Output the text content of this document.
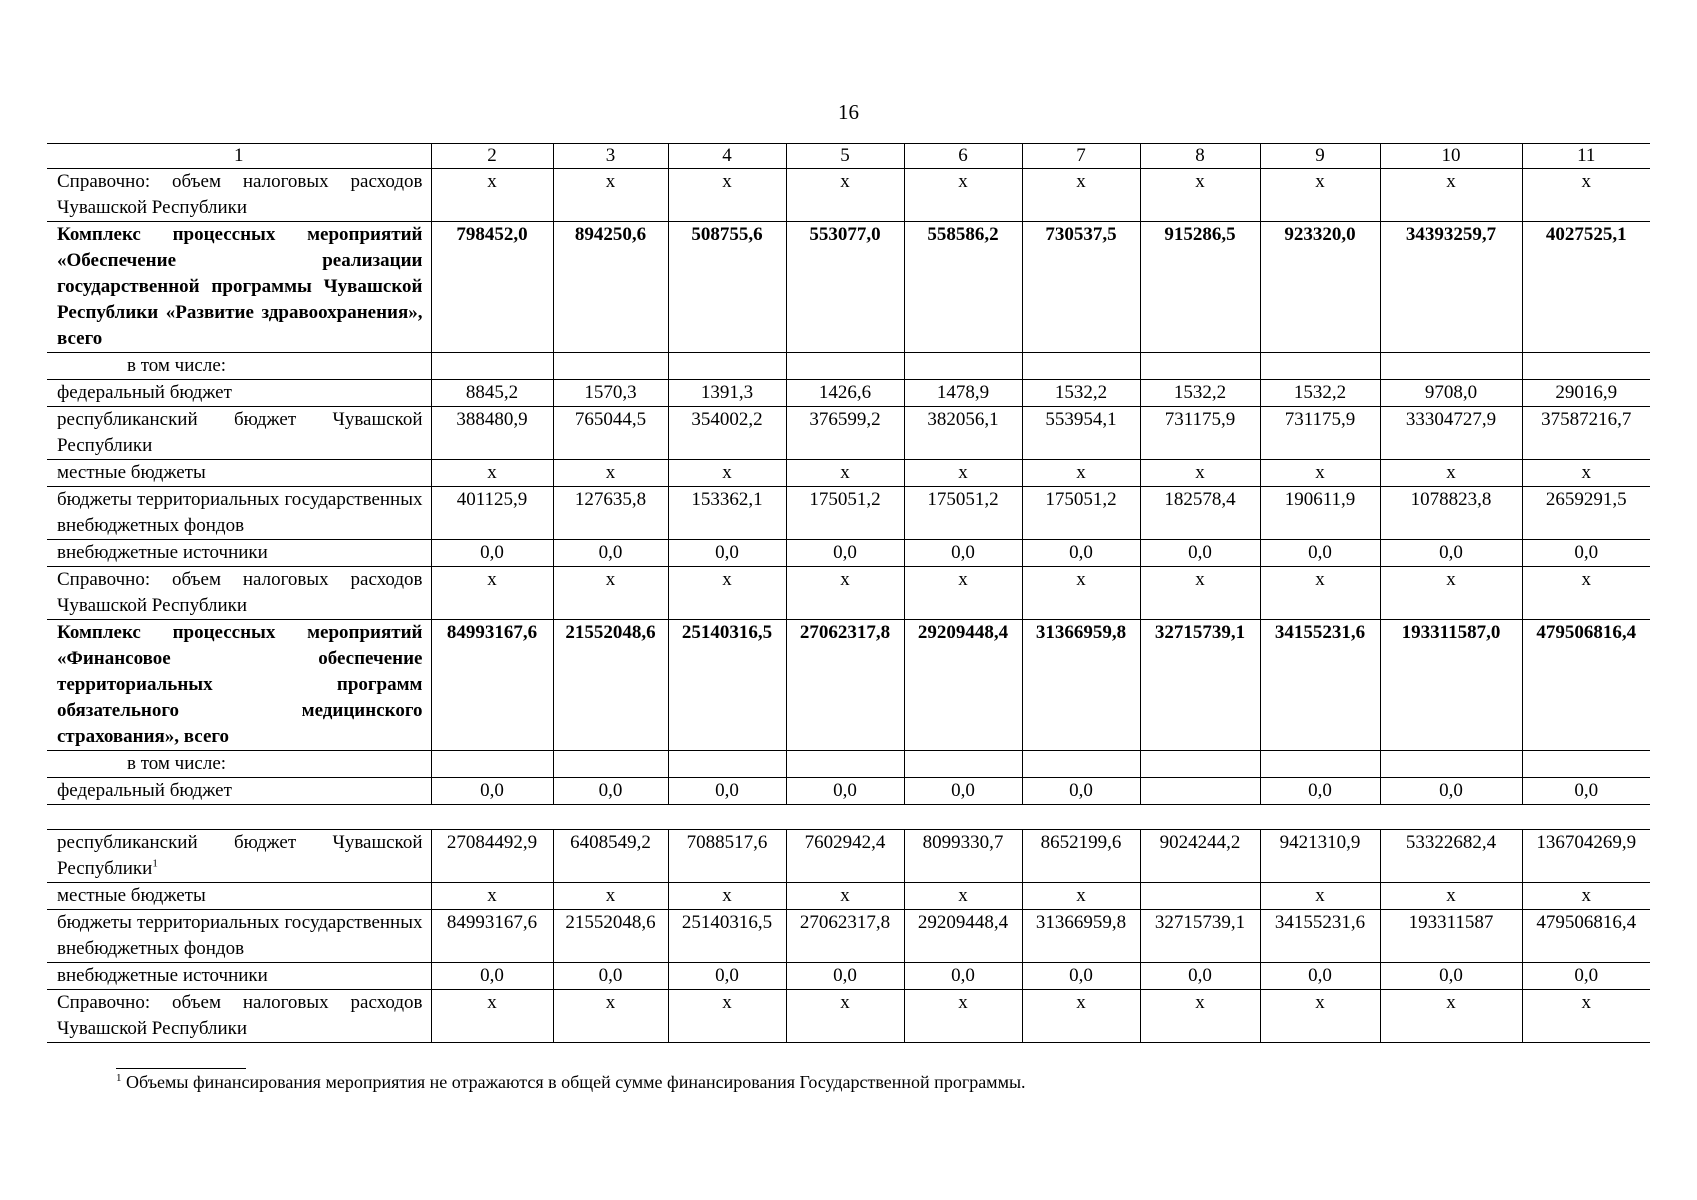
16
1	2	3	4	5	6	7	8	9	10	11
Справочно: объем налоговых расходов Чувашской Республики	x	x	x	x	x	x	x	x	x	x
Комплекс процессных мероприятий «Обеспечение реализации государственной программы Чувашской Республики «Развитие здравоохранения», всего	798452,0	894250,6	508755,6	553077,0	558586,2	730537,5	915286,5	923320,0	34393259,7	4027525,1
в том числе:										
федеральный бюджет	8845,2	1570,3	1391,3	1426,6	1478,9	1532,2	1532,2	1532,2	9708,0	29016,9
республиканский бюджет Чувашской Республики	388480,9	765044,5	354002,2	376599,2	382056,1	553954,1	731175,9	731175,9	33304727,9	37587216,7
местные бюджеты	x	x	x	x	x	x	x	x	x	x
бюджеты территориальных государственных внебюджетных фондов	401125,9	127635,8	153362,1	175051,2	175051,2	175051,2	182578,4	190611,9	1078823,8	2659291,5
внебюджетные источники	0,0	0,0	0,0	0,0	0,0	0,0	0,0	0,0	0,0	0,0
Справочно: объем налоговых расходов Чувашской Республики	x	x	x	x	x	x	x	x	x	x
Комплекс процессных мероприятий «Финансовое обеспечение территориальных программ обязательного медицинского страхования», всего	84993167,6	21552048,6	25140316,5	27062317,8	29209448,4	31366959,8	32715739,1	34155231,6	193311587,0	479506816,4
в том числе:										
федеральный бюджет	0,0	0,0	0,0	0,0	0,0	0,0		0,0	0,0	0,0

республиканский бюджет Чувашской Республики$^1$	27084492,9	6408549,2	7088517,6	7602942,4	8099330,7	8652199,6	9024244,2	9421310,9	53322682,4	136704269,9
местные бюджеты	x	x	x	x	x	x		x	x	x
бюджеты территориальных государственных внебюджетных фондов	84993167,6	21552048,6	25140316,5	27062317,8	29209448,4	31366959,8	32715739,1	34155231,6	193311587	479506816,4
внебюджетные источники	0,0	0,0	0,0	0,0	0,0	0,0	0,0	0,0	0,0	0,0
Справочно: объем налоговых расходов Чувашской Республики	x	x	x	x	x	x	x	x	x	x
$^1$ Объемы финансирования мероприятия не отражаются в общей сумме финансирования Государственной программы.
